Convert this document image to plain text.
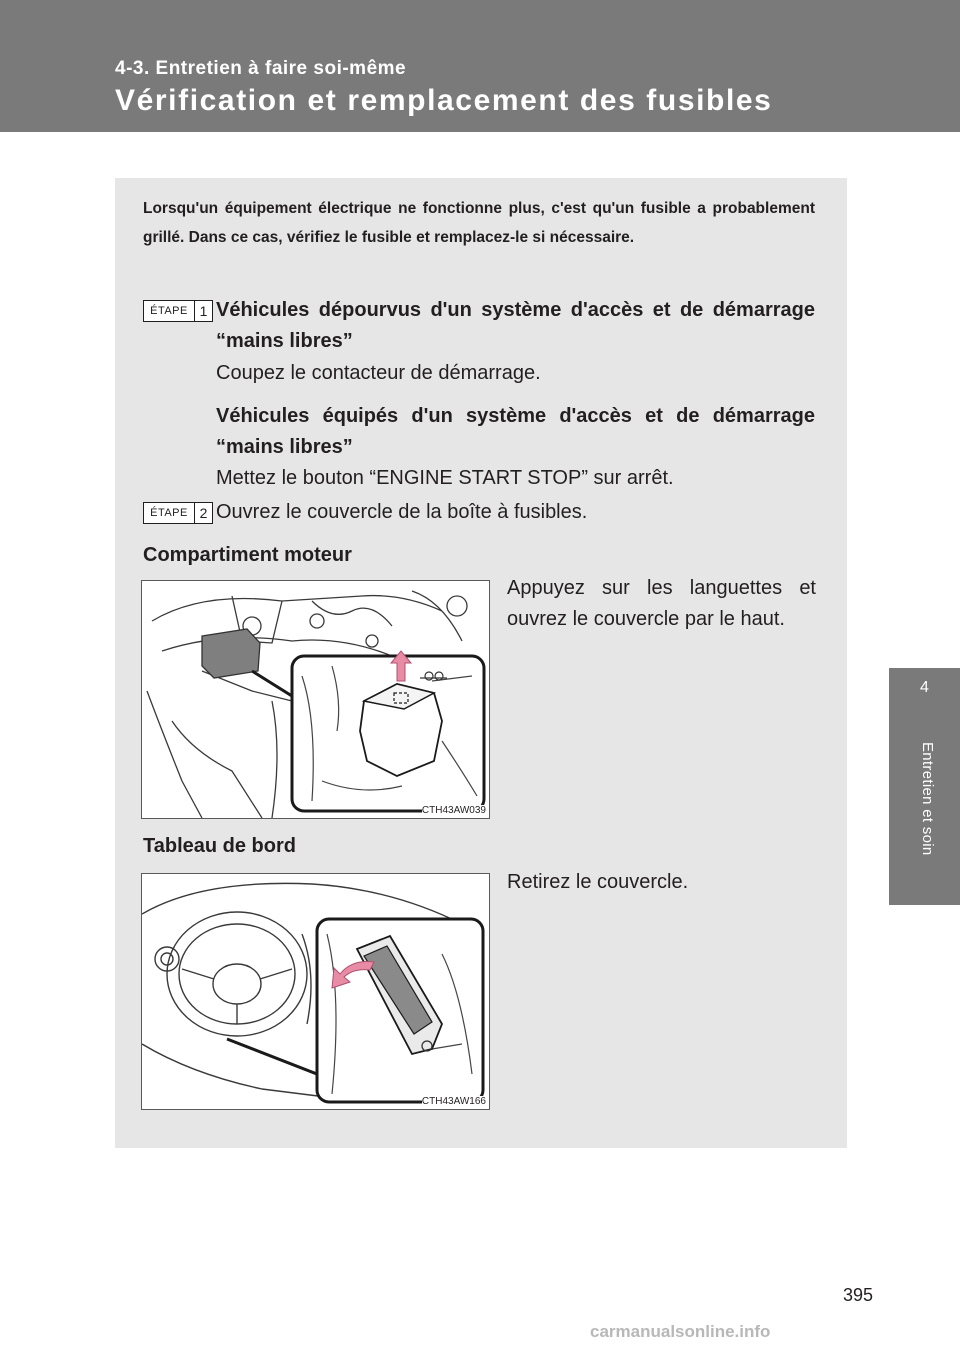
4-3. Entretien à faire soi-même

Vérification et remplacement des fusibles

4
Entretien et soin

Lorsqu'un équipement électrique ne fonctionne plus, c'est qu'un fusible a probablement grillé. Dans ce cas, vérifiez le fusible et remplacez-le si nécessaire.

ÉTAPE 1 Véhicules dépourvus d'un système d'accès et de démarrage “mains libres”

Coupez le contacteur de démarrage.

Véhicules équipés d'un système d'accès et de démarrage “mains libres”

Mettez le bouton “ENGINE START STOP” sur arrêt.

ÉTAPE 2 Ouvrez le couvercle de la boîte à fusibles.

Compartiment moteur

Appuyez sur les languettes et ouvrez le couvercle par le haut.

CTH43AW039

Tableau de bord

Retirez le couvercle.

CTH43AW166

395

carmanualsonline.info
